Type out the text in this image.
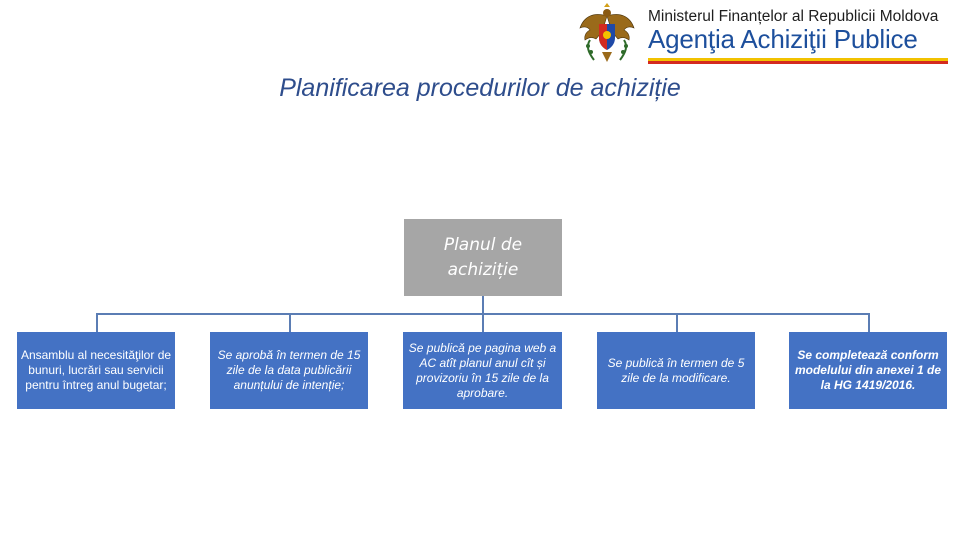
Ministerul Finanțelor al Republicii Moldova
Agenţia Achiziţii Publice
Planificarea procedurilor de achiziție
Planul de
achiziție
Ansamblu al necesităţilor de bunuri, lucrări sau servicii pentru întreg anul bugetar;
Se aprobă în termen de 15 zile de la data publicării anunțului de intenție;
Se publică pe pagina web a AC atît planul anul cît și provizoriu în 15 zile de la aprobare.
Se publică în termen de 5 zile de la modificare.
Se completează conform modelului din anexei 1 de la HG 1419/2016.
